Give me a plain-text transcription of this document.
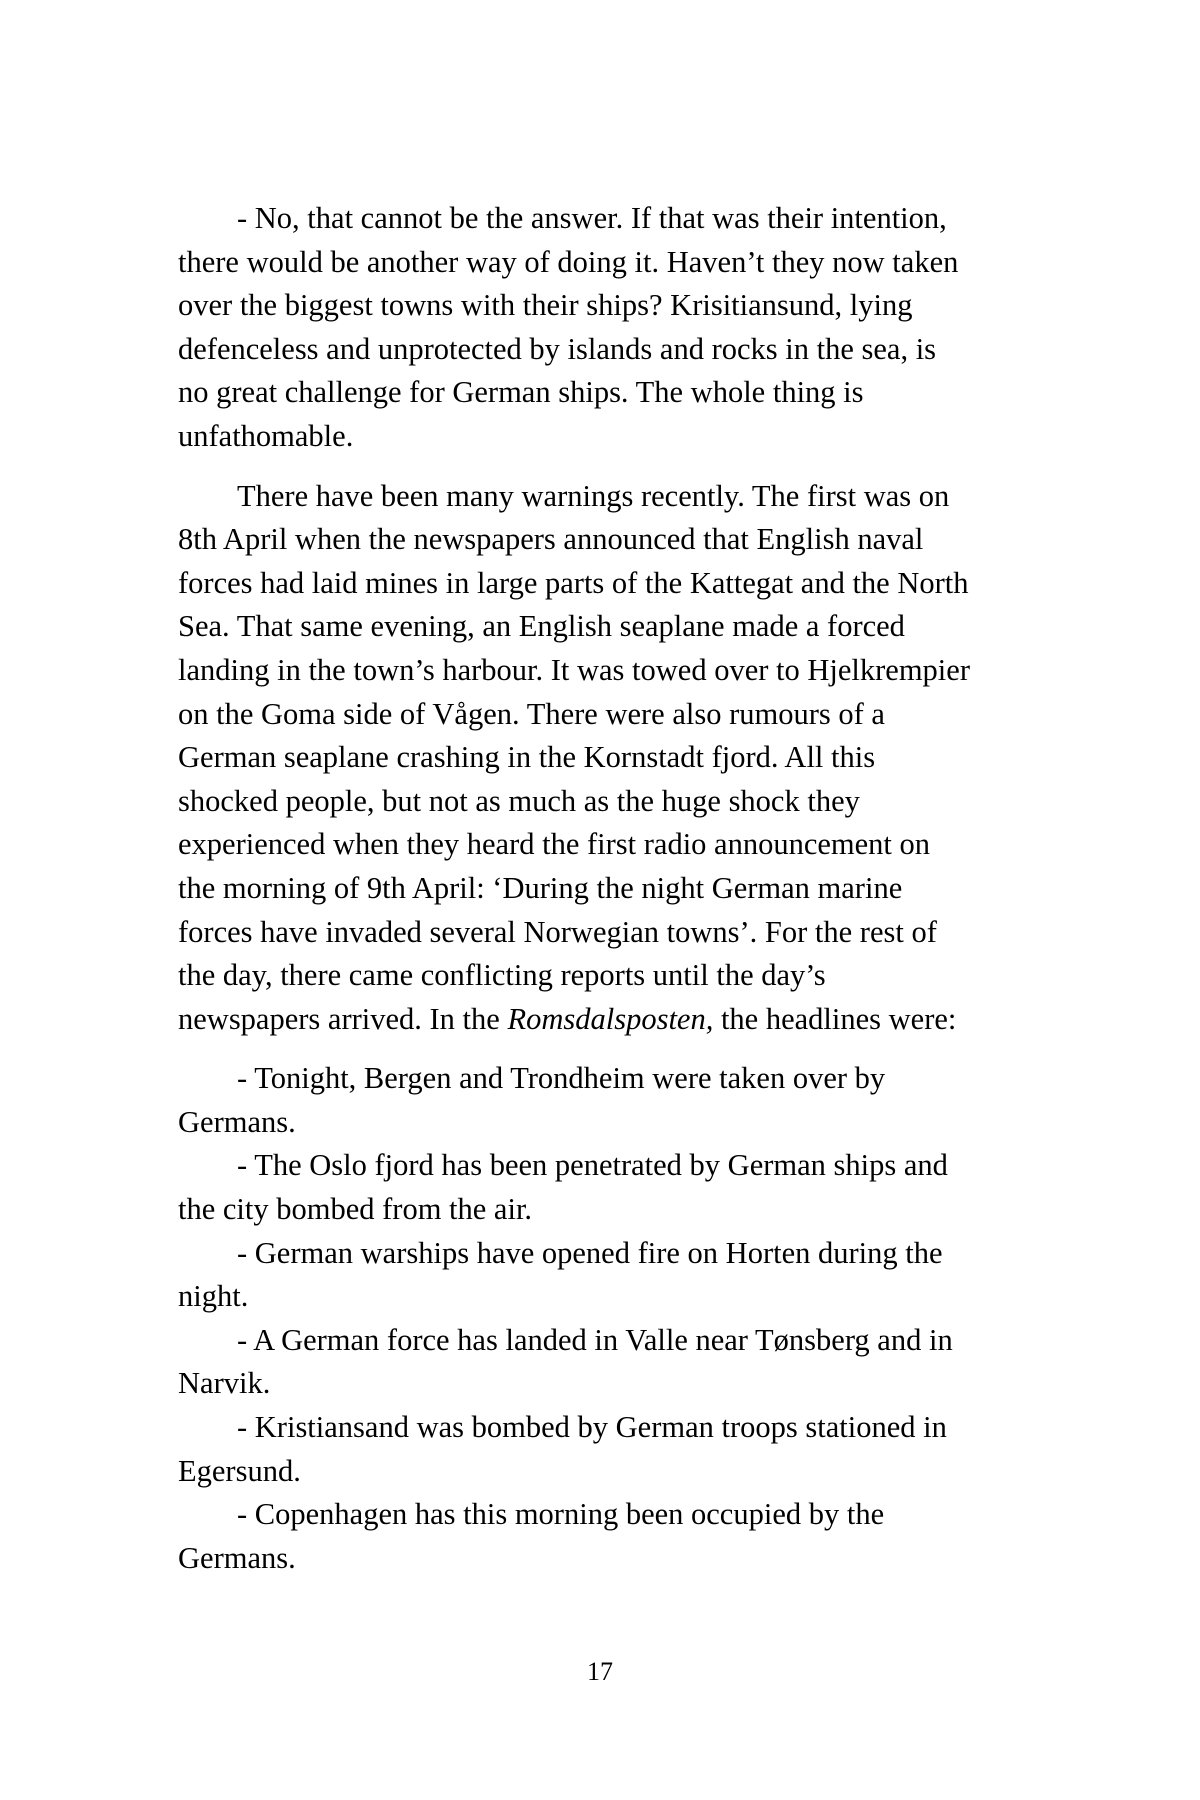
- No, that cannot be the answer. If that was their intention,
there would be another way of doing it. Haven’t they now taken
over the biggest towns with their ships? Krisitiansund, lying
defenceless and unprotected by islands and rocks in the sea, is
no great challenge for German ships. The whole thing is
unfathomable.

There have been many warnings recently. The first was on
8th April when the newspapers announced that English naval
forces had laid mines in large parts of the Kattegat and the North
Sea. That same evening, an English seaplane made a forced
landing in the town’s harbour. It was towed over to Hjelkrempier
on the Goma side of Vågen. There were also rumours of a
German seaplane crashing in the Kornstadt fjord. All this
shocked people, but not as much as the huge shock they
experienced when they heard the first radio announcement on
the morning of 9th April: ‘During the night German marine
forces have invaded several Norwegian towns’. For the rest of
the day, there came conflicting reports until the day’s
newspapers arrived. In the Romsdalsposten, the headlines were:

- Tonight, Bergen and Trondheim were taken over by
Germans.

- The Oslo fjord has been penetrated by German ships and
the city bombed from the air.

- German warships have opened fire on Horten during the
night.

- A German force has landed in Valle near Tønsberg and in
Narvik.

- Kristiansand was bombed by German troops stationed in
Egersund.

- Copenhagen has this morning been occupied by the
Germans.

17
